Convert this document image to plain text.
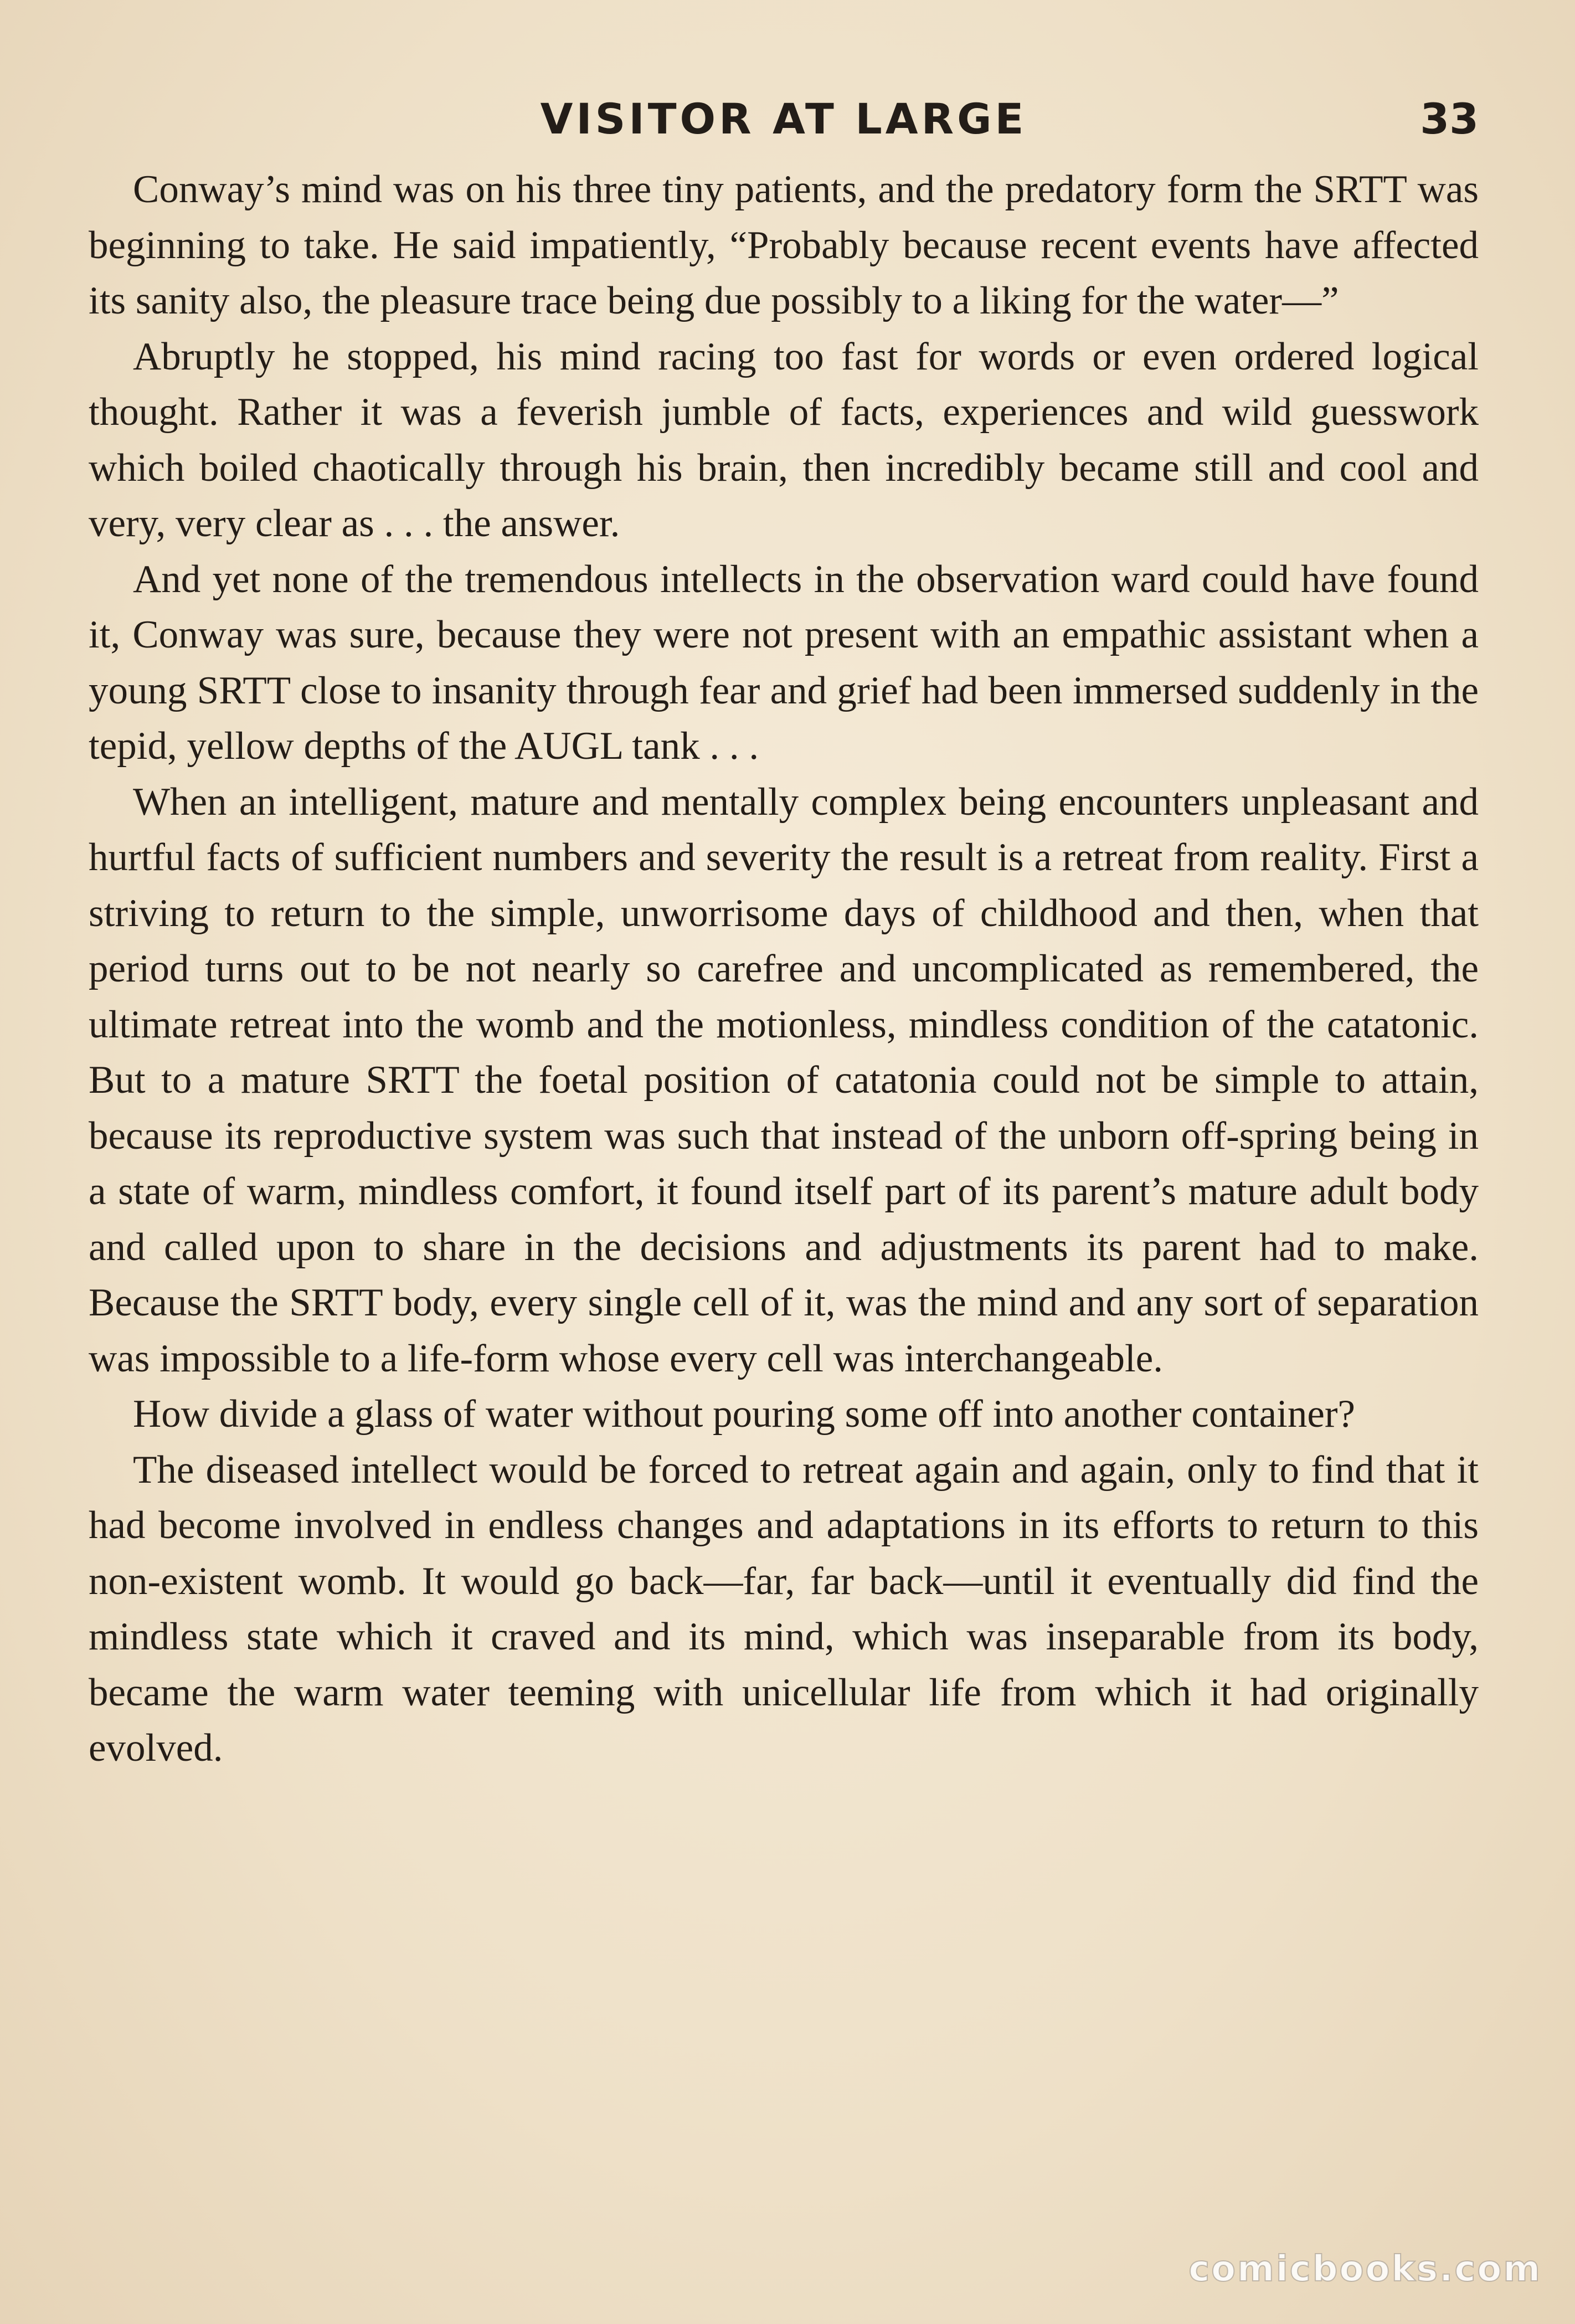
VISITOR AT LARGE	33

Conway’s mind was on his three tiny patients, and the predatory form the SRTT was beginning to take. He said impatiently, “Probably because recent events have affected its sanity also, the pleasure trace being due possibly to a liking for the water—”

Abruptly he stopped, his mind racing too fast for words or even ordered logical thought. Rather it was a feverish jumble of facts, experiences and wild guesswork which boiled chaotically through his brain, then incredibly became still and cool and very, very clear as . . . the answer.

And yet none of the tremendous intellects in the observation ward could have found it, Conway was sure, because they were not present with an empathic assistant when a young SRTT close to insanity through fear and grief had been immersed suddenly in the tepid, yellow depths of the AUGL tank . . .

When an intelligent, mature and mentally complex being encounters unpleasant and hurtful facts of sufficient numbers and severity the result is a retreat from reality. First a striving to return to the simple, unworrisome days of childhood and then, when that period turns out to be not nearly so carefree and uncomplicated as remembered, the ultimate retreat into the womb and the motionless, mindless condition of the catatonic. But to a mature SRTT the foetal position of catatonia could not be simple to attain, because its reproductive system was such that instead of the unborn off-spring being in a state of warm, mindless comfort, it found itself part of its parent’s mature adult body and called upon to share in the decisions and adjustments its parent had to make. Because the SRTT body, every single cell of it, was the mind and any sort of separation was impossible to a life-form whose every cell was interchangeable.

How divide a glass of water without pouring some off into another container?

The diseased intellect would be forced to retreat again and again, only to find that it had become involved in endless changes and adaptations in its efforts to return to this non-existent womb. It would go back—far, far back—until it eventually did find the mindless state which it craved and its mind, which was inseparable from its body, became the warm water teeming with unicellular life from which it had originally evolved.

comicbooks.com
